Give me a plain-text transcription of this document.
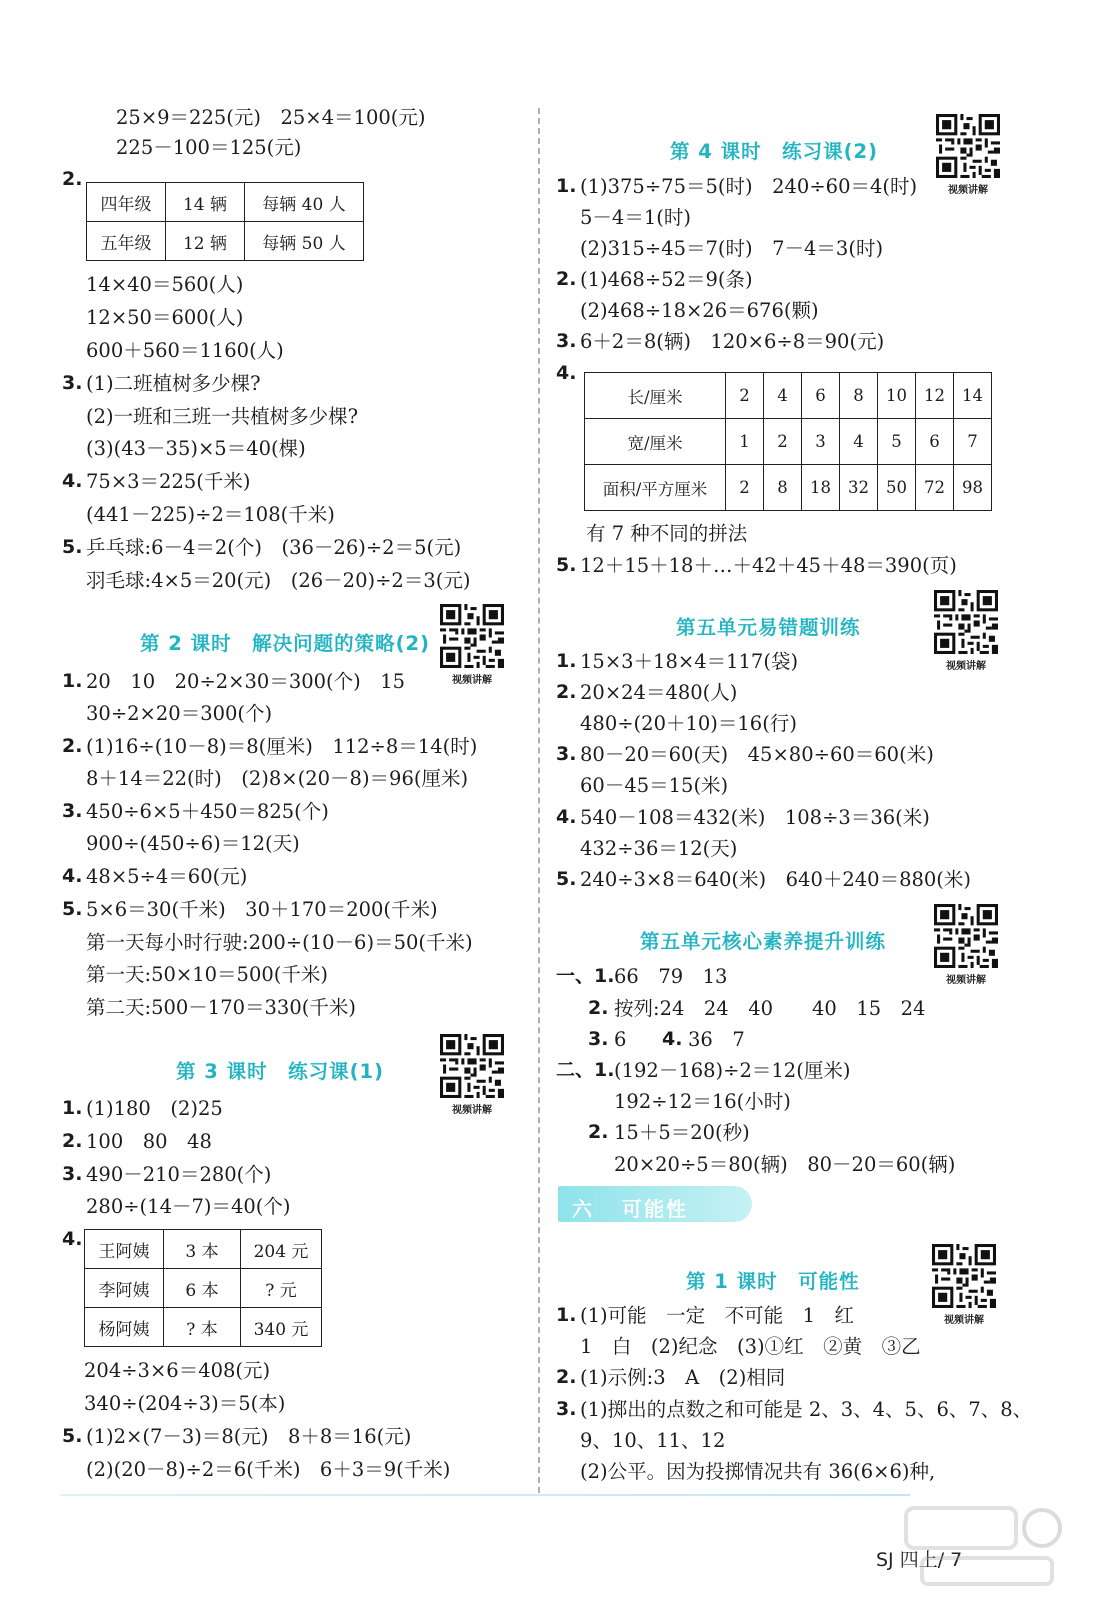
25×9＝225(元)　25×4＝100(元)
225－100＝125(元)
2.
四年级	14 辆	每辆 40 人
五年级	12 辆	每辆 50 人
14×40＝560(人)
12×50＝600(人)
600＋560＝1160(人)
3. (1)二班植树多少棵?
(2)一班和三班一共植树多少棵?
(3)(43－35)×5＝40(棵)
4. 75×3＝225(千米)
(441－225)÷2＝108(千米)
5. 乒乓球:6－4＝2(个)　(36－26)÷2＝5(元)
羽毛球:4×5＝20(元)　(26－20)÷2＝3(元)
第 2 课时　解决问题的策略(2)
视频讲解
1. 20　10　20÷2×30＝300(个)　15
30÷2×20＝300(个)
2. (1)16÷(10－8)＝8(厘米)　112÷8＝14(时)
8＋14＝22(时)　(2)8×(20－8)＝96(厘米)
3. 450÷6×5＋450＝825(个)
900÷(450÷6)＝12(天)
4. 48×5÷4＝60(元)
5. 5×6＝30(千米)　30＋170＝200(千米)
第一天每小时行驶:200÷(10－6)＝50(千米)
第一天:50×10＝500(千米)
第二天:500－170＝330(千米)
第 3 课时　练习课(1)
视频讲解
1. (1)180　(2)25
2. 100　80　48
3. 490－210＝280(个)
280÷(14－7)＝40(个)
4.
王阿姨	3 本	204 元
李阿姨	6 本	? 元
杨阿姨	? 本	340 元
204÷3×6＝408(元)
340÷(204÷3)＝5(本)
5. (1)2×(7－3)＝8(元)　8＋8＝16(元)
(2)(20－8)÷2＝6(千米)　6＋3＝9(千米)
第 4 课时　练习课(2)
视频讲解
1. (1)375÷75＝5(时)　240÷60＝4(时)
5－4＝1(时)
(2)315÷45＝7(时)　7－4＝3(时)
2. (1)468÷52＝9(条)
(2)468÷18×26＝676(颗)
3. 6＋2＝8(辆)　120×6÷8＝90(元)
4.
长/厘米	2	4	6	8	10	12	14
宽/厘米	1	2	3	4	5	6	7
面积/平方厘米	2	8	18	32	50	72	98
有 7 种不同的拼法
5. 12＋15＋18＋…＋42＋45＋48＝390(页)
第五单元易错题训练
视频讲解
1. 15×3＋18×4＝117(袋)
2. 20×24＝480(人)
480÷(20＋10)＝16(行)
3. 80－20＝60(天)　45×80÷60＝60(米)
60－45＝15(米)
4. 540－108＝432(米)　108÷3＝36(米)
432÷36＝12(天)
5. 240÷3×8＝640(米)　640＋240＝880(米)
第五单元核心素养提升训练
视频讲解
一、1. 66　79　13
2. 按列:24　24　40　　40　15　24
3. 6　　
4. 36　7
二、1. (192－168)÷2＝12(厘米)
192÷12＝16(小时)
2. 15＋5＝20(秒)
20×20÷5＝80(辆)　80－20＝60(辆)
第 1 课时　可能性
视频讲解
1. (1)可能　一定　不可能　1　红
1　白　(2)纪念　(3)①红　②黄　③乙
2. (1)示例:3　A　(2)相同
3. (1)掷出的点数之和可能是 2、3、4、5、6、7、8、
9、10、11、12
(2)公平。因为投掷情况共有 36(6×6)种,
六 可能性
SJ 四上/ 7
